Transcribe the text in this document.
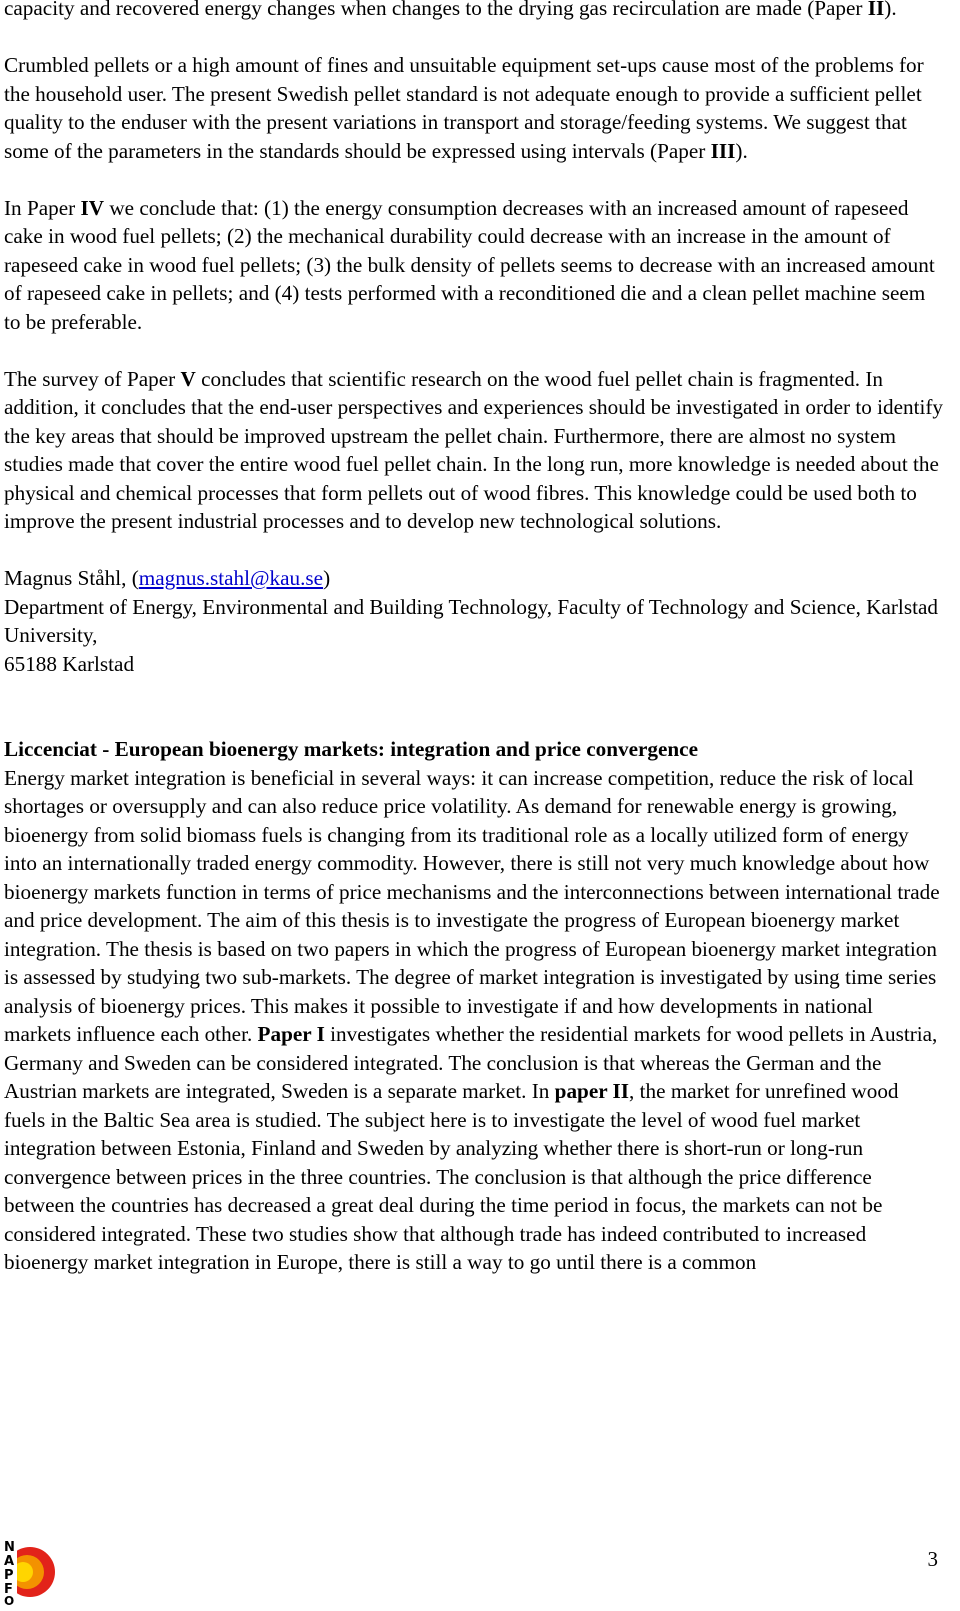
capacity and recovered energy changes when changes to the drying gas recirculation are made (Paper II).

Crumbled pellets or a high amount of fines and unsuitable equipment set-ups cause most of the problems for the household user. The present Swedish pellet standard is not adequate enough to provide a sufficient pellet quality to the enduser with the present variations in transport and storage/feeding systems. We suggest that some of the parameters in the standards should be expressed using intervals (Paper III).

In Paper IV we conclude that: (1) the energy consumption decreases with an increased amount of rapeseed cake in wood fuel pellets; (2) the mechanical durability could decrease with an increase in the amount of rapeseed cake in wood fuel pellets; (3) the bulk density of pellets seems to decrease with an increased amount of rapeseed cake in pellets; and (4) tests performed with a reconditioned die and a clean pellet machine seem to be preferable.

The survey of Paper V concludes that scientific research on the wood fuel pellet chain is fragmented. In addition, it concludes that the end-user perspectives and experiences should be investigated in order to identify the key areas that should be improved upstream the pellet chain. Furthermore, there are almost no system studies made that cover the entire wood fuel pellet chain. In the long run, more knowledge is needed about the physical and chemical processes that form pellets out of wood fibres. This knowledge could be used both to improve the present industrial processes and to develop new technological solutions.

Magnus Ståhl, (magnus.stahl@kau.se)
Department of Energy, Environmental and Building Technology, Faculty of Technology and Science, Karlstad University,
65188 Karlstad
Liccenciat - European bioenergy markets: integration and price convergence

Energy market integration is beneficial in several ways: it can increase competition, reduce the risk of local shortages or oversupply and can also reduce price volatility. As demand for renewable energy is growing, bioenergy from solid biomass fuels is changing from its traditional role as a locally utilized form of energy into an internationally traded energy commodity. However, there is still not very much knowledge about how bioenergy markets function in terms of price mechanisms and the interconnections between international trade and price development. The aim of this thesis is to investigate the progress of European bioenergy market integration. The thesis is based on two papers in which the progress of European bioenergy market integration is assessed by studying two sub-markets. The degree of market integration is investigated by using time series analysis of bioenergy prices. This makes it possible to investigate if and how developments in national markets influence each other. Paper I investigates whether the residential markets for wood pellets in Austria, Germany and Sweden can be considered integrated. The conclusion is that whereas the German and the Austrian markets are integrated, Sweden is a separate market. In paper II, the market for unrefined wood fuels in the Baltic Sea area is studied. The subject here is to investigate the level of wood fuel market integration between Estonia, Finland and Sweden by analyzing whether there is short-run or long-run convergence between prices in the three countries. The conclusion is that although the price difference between the countries has decreased a great deal during the time period in focus, the markets can not be considered integrated. These two studies show that although trade has indeed contributed to increased bioenergy market integration in Europe, there is still a way to go until there is a common

N
A
P
F
O
3
